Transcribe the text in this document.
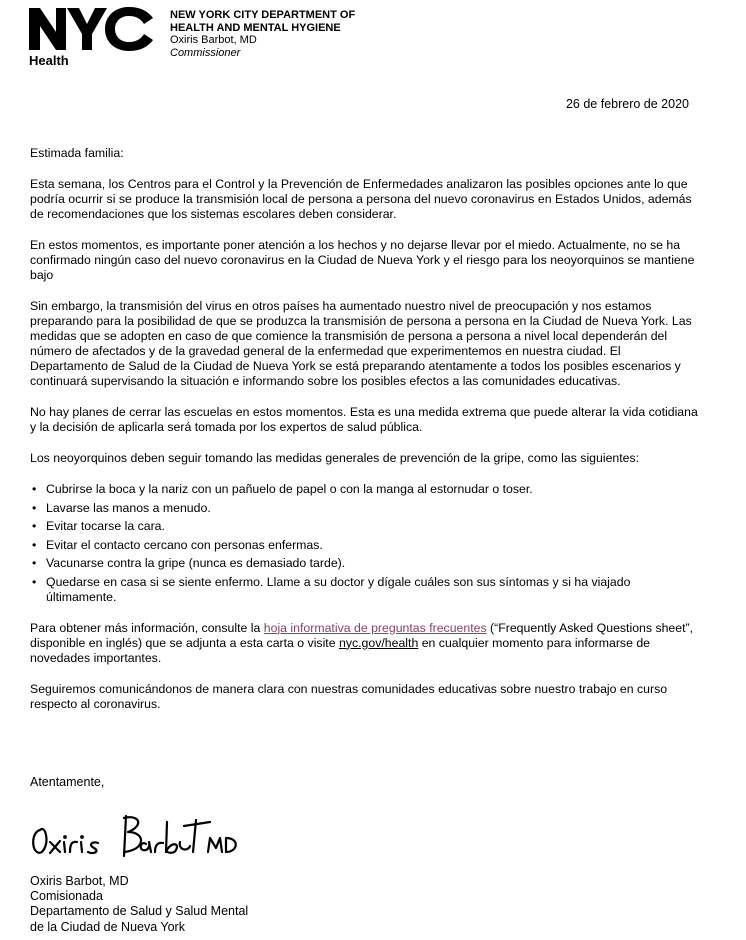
Health
NEW YORK CITY DEPARTMENT OF
HEALTH AND MENTAL HYGIENE
Oxiris Barbot, MD
Commissioner
26 de febrero de 2020

Estimada familia:

Esta semana, los Centros para el Control y la Prevención de Enfermedades analizaron las posibles opciones ante lo que podría ocurrir si se produce la transmisión local de persona a persona del nuevo coronavirus en Estados Unidos, además de recomendaciones que los sistemas escolares deben considerar.

En estos momentos, es importante poner atención a los hechos y no dejarse llevar por el miedo. Actualmente, no se ha confirmado ningún caso del nuevo coronavirus en la Ciudad de Nueva York y el riesgo para los neoyorquinos se mantiene bajo

Sin embargo, la transmisión del virus en otros países ha aumentado nuestro nivel de preocupación y nos estamos preparando para la posibilidad de que se produzca la transmisión de persona a persona en la Ciudad de Nueva York. Las medidas que se adopten en caso de que comience la transmisión de persona a persona a nivel local dependerán del número de afectados y de la gravedad general de la enfermedad que experimentemos en nuestra ciudad. El Departamento de Salud de la Ciudad de Nueva York se está preparando atentamente a todos los posibles escenarios y continuará supervisando la situación e informando sobre los posibles efectos a las comunidades educativas.

No hay planes de cerrar las escuelas en estos momentos. Esta es una medida extrema que puede alterar la vida cotidiana y la decisión de aplicarla será tomada por los expertos de salud pública.

Los neoyorquinos deben seguir tomando las medidas generales de prevención de la gripe, como las siguientes:

• Cubrirse la boca y la nariz con un pañuelo de papel o con la manga al estornudar o toser.
• Lavarse las manos a menudo.
• Evitar tocarse la cara.
• Evitar el contacto cercano con personas enfermas.
• Vacunarse contra la gripe (nunca es demasiado tarde).
• Quedarse en casa si se siente enfermo. Llame a su doctor y dígale cuáles son sus síntomas y si ha viajado últimamente.

Para obtener más información, consulte la hoja informativa de preguntas frecuentes (“Frequently Asked Questions sheet”, disponible en inglés) que se adjunta a esta carta o visite nyc.gov/health en cualquier momento para informarse de novedades importantes.

Seguiremos comunicándonos de manera clara con nuestras comunidades educativas sobre nuestro trabajo en curso respecto al coronavirus.

Atentamente,
Oxiris Barbot, MD
Comisionada
Departamento de Salud y Salud Mental
de la Ciudad de Nueva York
